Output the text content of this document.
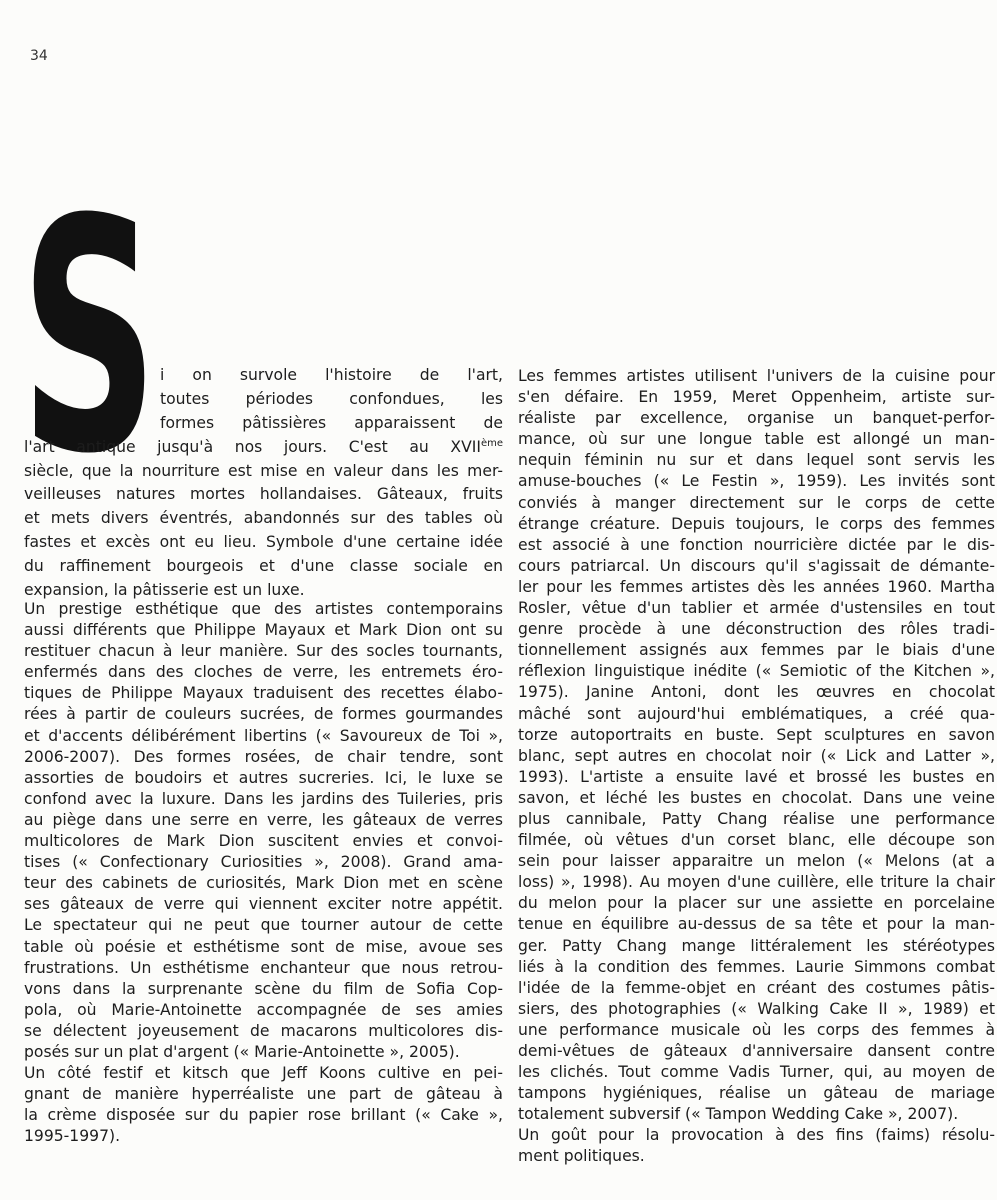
34
S i on survole l'histoire de l'art,
toutes périodes confondues, les
formes pâtissières apparaissent de
l'art antique jusqu'à nos jours. C'est au XVIIème
siècle, que la nourriture est mise en valeur dans les mer-
veilleuses natures mortes hollandaises. Gâteaux, fruits
et mets divers éventrés, abandonnés sur des tables où
fastes et excès ont eu lieu. Symbole d'une certaine idée
du raffinement bourgeois et d'une classe sociale en
expansion, la pâtisserie est un luxe.
Un prestige esthétique que des artistes contemporains
aussi différents que Philippe Mayaux et Mark Dion ont su
restituer chacun à leur manière. Sur des socles tournants,
enfermés dans des cloches de verre, les entremets éro-
tiques de Philippe Mayaux traduisent des recettes élabo-
rées à partir de couleurs sucrées, de formes gourmandes
et d'accents délibérément libertins (« Savoureux de Toi »,
2006-2007). Des formes rosées, de chair tendre, sont
assorties de boudoirs et autres sucreries. Ici, le luxe se
confond avec la luxure. Dans les jardins des Tuileries, pris
au piège dans une serre en verre, les gâteaux de verres
multicolores de Mark Dion suscitent envies et convoi-
tises (« Confectionary Curiosities », 2008). Grand ama-
teur des cabinets de curiosités, Mark Dion met en scène
ses gâteaux de verre qui viennent exciter notre appétit.
Le spectateur qui ne peut que tourner autour de cette
table où poésie et esthétisme sont de mise, avoue ses
frustrations. Un esthétisme enchanteur que nous retrou-
vons dans la surprenante scène du film de Sofia Cop-
pola, où Marie-Antoinette accompagnée de ses amies
se délectent joyeusement de macarons multicolores dis-
posés sur un plat d'argent (« Marie-Antoinette », 2005).
Un côté festif et kitsch que Jeff Koons cultive en pei-
gnant de manière hyperréaliste une part de gâteau à
la crème disposée sur du papier rose brillant (« Cake »,
1995-1997).
Les femmes artistes utilisent l'univers de la cuisine pour
s'en défaire. En 1959, Meret Oppenheim, artiste sur-
réaliste par excellence, organise un banquet-perfor-
mance, où sur une longue table est allongé un man-
nequin féminin nu sur et dans lequel sont servis les
amuse-bouches (« Le Festin », 1959). Les invités sont
conviés à manger directement sur le corps de cette
étrange créature. Depuis toujours, le corps des femmes
est associé à une fonction nourricière dictée par le dis-
cours patriarcal. Un discours qu'il s'agissait de démante-
ler pour les femmes artistes dès les années 1960. Martha
Rosler, vêtue d'un tablier et armée d'ustensiles en tout
genre procède à une déconstruction des rôles tradi-
tionnellement assignés aux femmes par le biais d'une
réflexion linguistique inédite (« Semiotic of the Kitchen »,
1975). Janine Antoni, dont les œuvres en chocolat
mâché sont aujourd'hui emblématiques, a créé qua-
torze autoportraits en buste. Sept sculptures en savon
blanc, sept autres en chocolat noir (« Lick and Latter »,
1993). L'artiste a ensuite lavé et brossé les bustes en
savon, et léché les bustes en chocolat. Dans une veine
plus cannibale, Patty Chang réalise une performance
filmée, où vêtues d'un corset blanc, elle découpe son
sein pour laisser apparaitre un melon (« Melons (at a
loss) », 1998). Au moyen d'une cuillère, elle triture la chair
du melon pour la placer sur une assiette en porcelaine
tenue en équilibre au-dessus de sa tête et pour la man-
ger. Patty Chang mange littéralement les stéréotypes
liés à la condition des femmes. Laurie Simmons combat
l'idée de la femme-objet en créant des costumes pâtis-
siers, des photographies (« Walking Cake II », 1989) et
une performance musicale où les corps des femmes à
demi-vêtues de gâteaux d'anniversaire dansent contre
les clichés. Tout comme Vadis Turner, qui, au moyen de
tampons hygiéniques, réalise un gâteau de mariage
totalement subversif (« Tampon Wedding Cake », 2007).
Un goût pour la provocation à des fins (faims) résolu-
ment politiques.
